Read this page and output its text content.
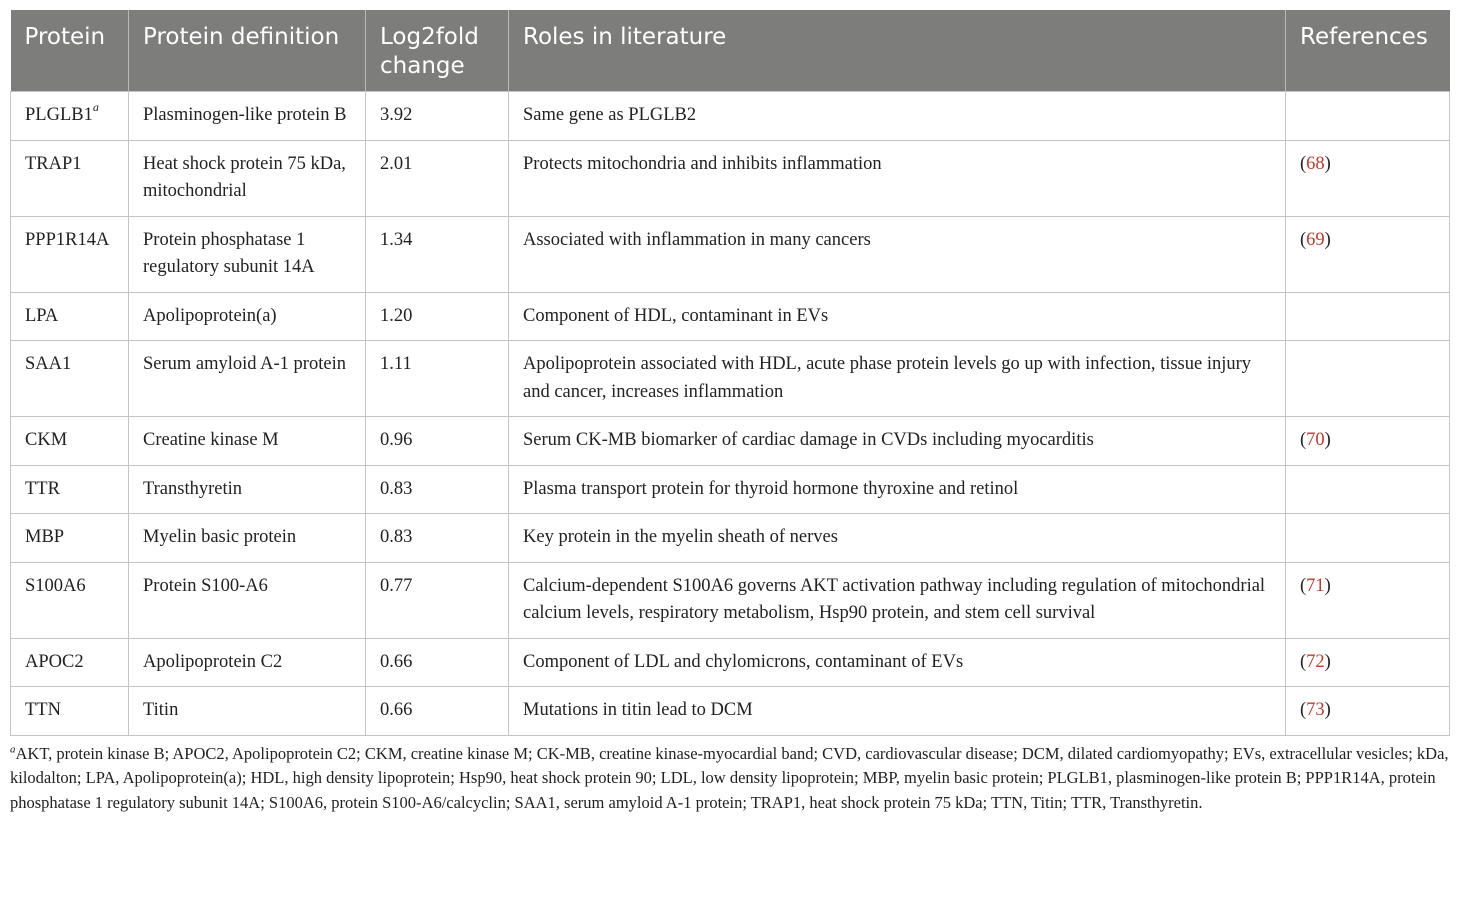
Protein	Protein definition	Log2fold change	Roles in literature	References
PLGLB1$^a$	Plasminogen-like protein B	3.92	Same gene as PLGLB2	
TRAP1	Heat shock protein 75 kDa, mitochondrial	2.01	Protects mitochondria and inhibits inflammation	(68)
PPP1R14A	Protein phosphatase 1 regulatory subunit 14A	1.34	Associated with inflammation in many cancers	(69)
LPA	Apolipoprotein(a)	1.20	Component of HDL, contaminant in EVs	
SAA1	Serum amyloid A-1 protein	1.11	Apolipoprotein associated with HDL, acute phase protein levels go up with infection, tissue injury and cancer, increases inflammation	
CKM	Creatine kinase M	0.96	Serum CK-MB biomarker of cardiac damage in CVDs including myocarditis	(70)
TTR	Transthyretin	0.83	Plasma transport protein for thyroid hormone thyroxine and retinol	
MBP	Myelin basic protein	0.83	Key protein in the myelin sheath of nerves	
S100A6	Protein S100-A6	0.77	Calcium-dependent S100A6 governs AKT activation pathway including regulation of mitochondrial calcium levels, respiratory metabolism, Hsp90 protein, and stem cell survival	(71)
APOC2	Apolipoprotein C2	0.66	Component of LDL and chylomicrons, contaminant of EVs	(72)
TTN	Titin	0.66	Mutations in titin lead to DCM	(73)
$^a$AKT, protein kinase B; APOC2, Apolipoprotein C2; CKM, creatine kinase M; CK-MB, creatine kinase-myocardial band; CVD, cardiovascular disease; DCM, dilated cardiomyopathy; EVs, extracellular vesicles; kDa, kilodalton; LPA, Apolipoprotein(a); HDL, high density lipoprotein; Hsp90, heat shock protein 90; LDL, low density lipoprotein; MBP, myelin basic protein; PLGLB1, plasminogen-like protein B; PPP1R14A, protein phosphatase 1 regulatory subunit 14A; S100A6, protein S100-A6/calcyclin; SAA1, serum amyloid A-1 protein; TRAP1, heat shock protein 75 kDa; TTN, Titin; TTR, Transthyretin.
